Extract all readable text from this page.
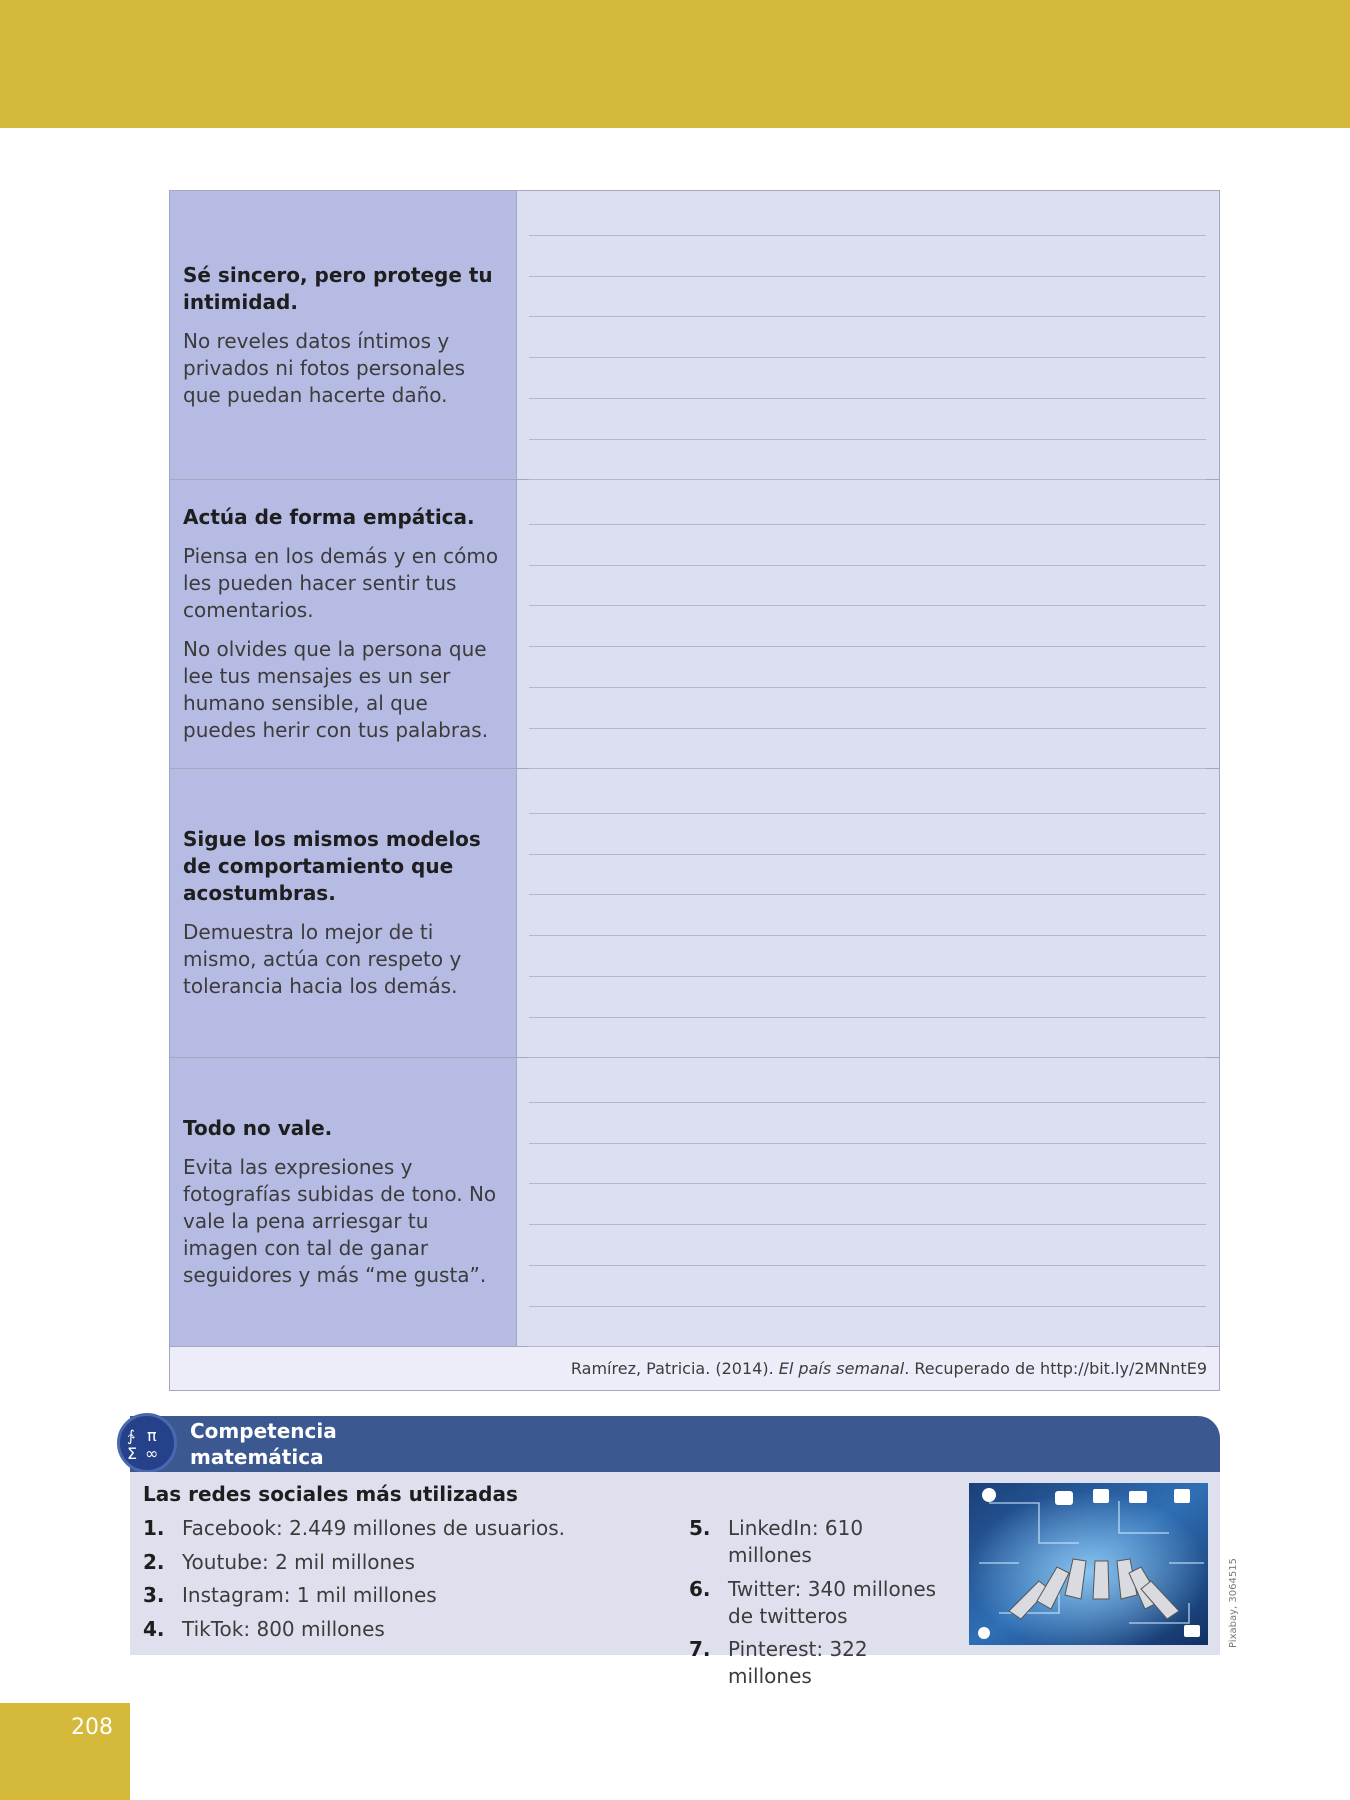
Sé sincero, pero protege tu intimidad.

No reveles datos íntimos y privados ni fotos personales que puedan hacerte daño.

Actúa de forma empática.

Piensa en los demás y en cómo les pueden hacer sentir tus comentarios.

No olvides que la persona que lee tus mensajes es un ser humano sensible, al que puedes herir con tus palabras.

Sigue los mismos modelos de comportamiento que acostumbras.

Demuestra lo mejor de ti mismo, actúa con respeto y tolerancia hacia los demás.

Todo no vale.

Evita las expresiones y fotografías subidas de tono. No vale la pena arriesgar tu imagen con tal de ganar seguidores y más “me gusta”.

Ramírez, Patricia. (2014).
El país semanal . Recuperado de http://bit.ly/2MNntE9
Competencia
matemática
∱ π
Σ ∞
Las redes sociales más utilizadas
1. Facebook: 2.449 millones de usuarios.
2. Youtube: 2 mil millones
3. Instagram: 1 mil millones
4. TikTok: 800 millones
5. LinkedIn: 610 millones
6. Twitter: 340 millones de twitteros
7. Pinterest: 322 millones
Pixabay, 3064515
208
